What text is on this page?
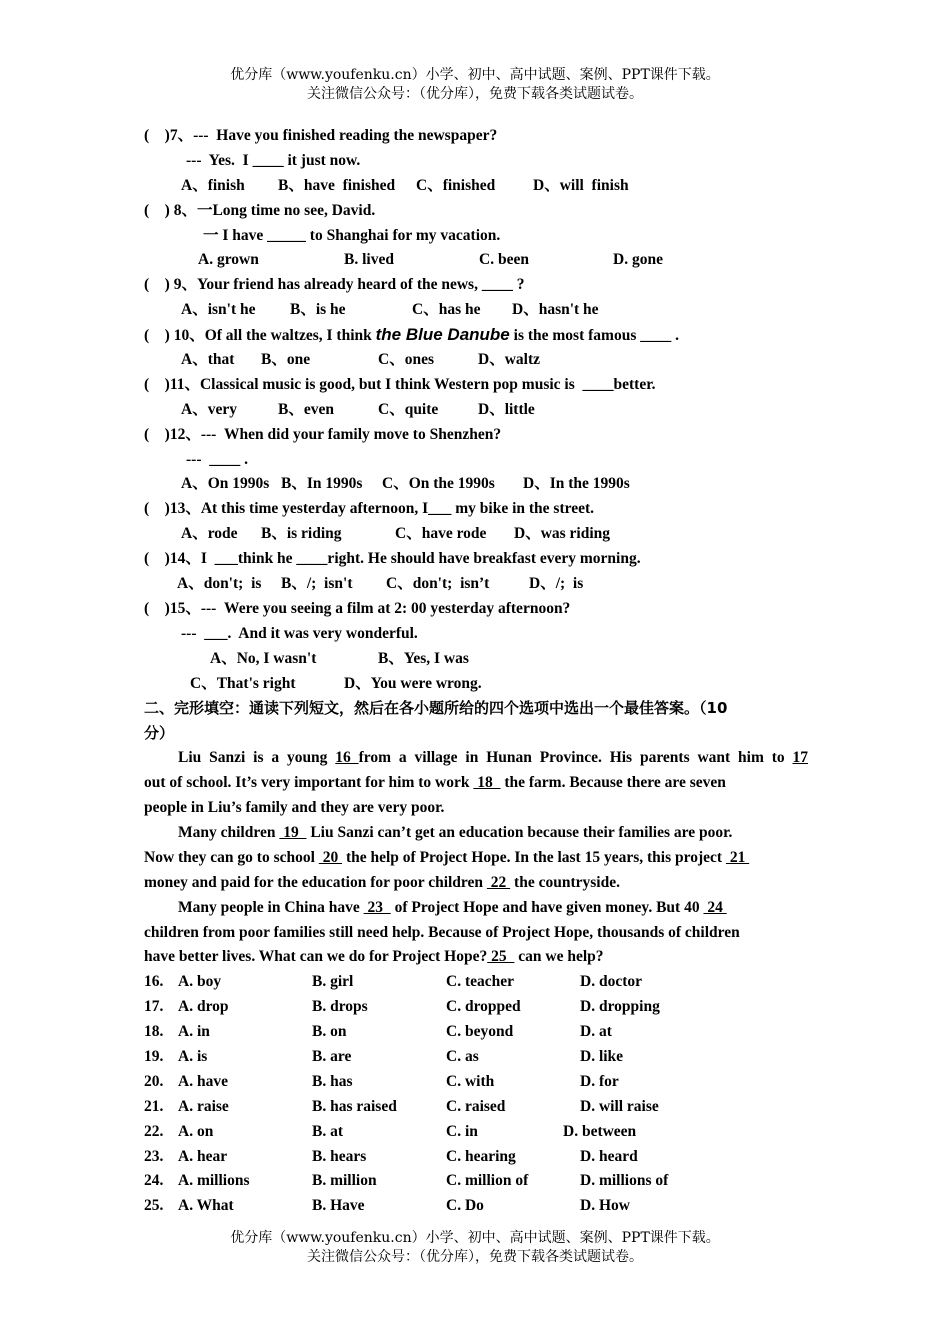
优分库（www.youfenku.cn）小学、初中、高中试题、案例、PPT课件下载。
关注微信公众号：（优分库），免费下载各类试题试卷。
(    )7、---  Have you finished reading the newspaper?
---  Yes.  I ____ it just now.
A、finish B、have  finished C、finished D、will  finish
(    ) 8、一Long time no see, David.
一 I have _____ to Shanghai for my vacation.
A. grown	B. lived	C. been	D. gone
(    ) 9、Your friend has already heard of the news, ____ ?
A、isn't he B、is he	C、has he D、hasn't he
(    ) 10、Of all the waltzes, I think the Blue Danube is the most famous ____ .
A、that B、one	C、ones	D、waltz
(    )11、Classical music is good, but I think Western pop music is  ____better.
A、very	B、even	C、quite	D、little
(    )12、---  When did your family move to Shenzhen?
---  ____ .
A、On 1990s B、In 1990s C、On the 1990s D、In the 1990s
(    )13、At this time yesterday afternoon, I___ my bike in the street.
A、rode B、is riding	C、have rode D、was riding
(    )14、I  ___think he ____right. He should have breakfast every morning.
A、don't;  is B、/;  isn't C、don't;  isn’t	D、/;  is
(    )15、---  Were you seeing a film at 2: 00 yesterday afternoon?
---  ___.  And it was very wonderful.
A、No, I wasn't	B、Yes, I was
C、That's right	D、You were wrong.
二、完形填空：通读下列短文，然后在各小题所给的四个选项中选出一个最佳答案。（10
分）
Liu Sanzi is a young 16 from a village in Hunan Province. His parents want him to 17
out of school. It’s very important for him to work  18   the farm. Because there are seven
people in Liu’s family and they are very poor.
Many children  19   Liu Sanzi can’t get an education because their families are poor.
Now they can go to school  20  the help of Project Hope. In the last 15 years, this project  21
money and paid for the education for poor children  22  the countryside.
Many people in China have  23   of Project Hope and have given money. But 40  24
children from poor families still need help. Because of Project Hope, thousands of children
have better lives. What can we do for Project Hope? 25   can we help?
16. A. boy	B. girl	C. teacher	D. doctor
17. A. drop	B. drops	C. dropped	D. dropping
18. A. in	B. on	C. beyond	D. at
19. A. is	B. are	C. as	D. like
20. A. have	B. has	C. with	D. for
21. A. raise	B. has raised	C. raised	D. will raise
22. A. on	B. at	C. in	D. between
23. A. hear	B. hears	C. hearing	D. heard
24. A. millions	B. million	C. million of	D. millions of
25. A. What	B. Have	C. Do	D. How
优分库（www.youfenku.cn）小学、初中、高中试题、案例、PPT课件下载。
关注微信公众号：（优分库），免费下载各类试题试卷。
